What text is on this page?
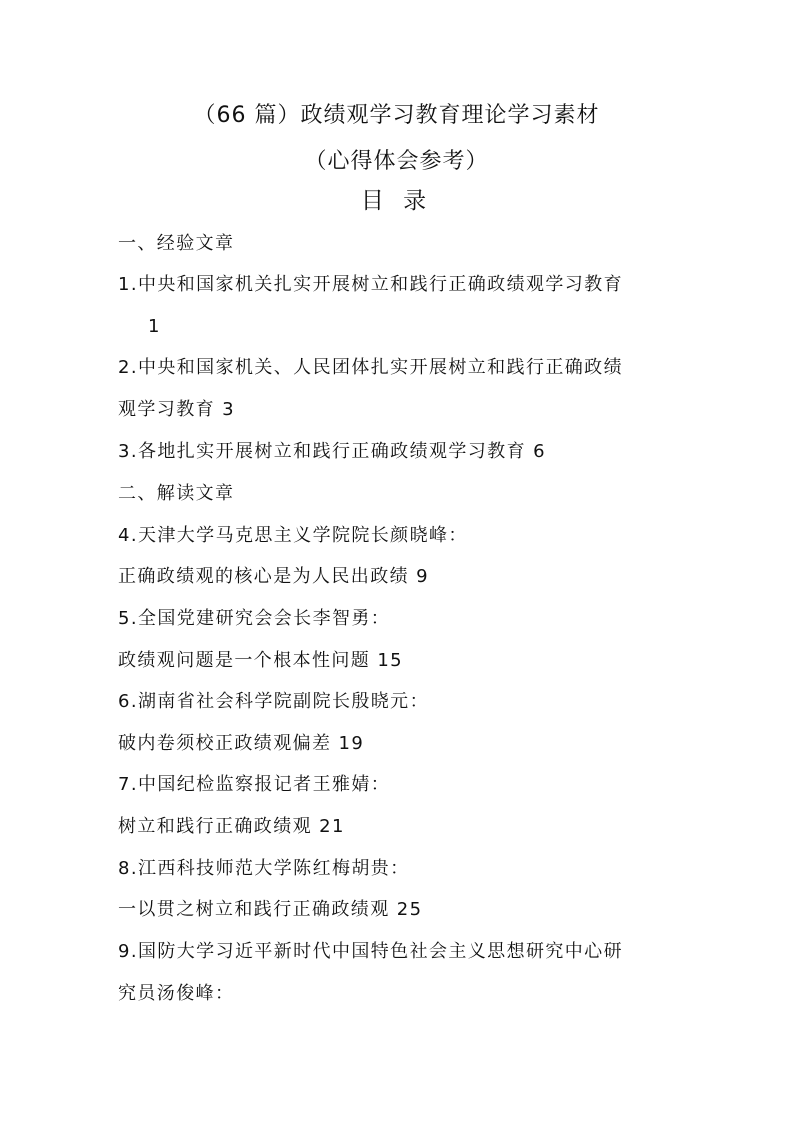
（66 篇）政绩观学习教育理论学习素材
（心得体会参考）
目 录
一、经验文章
1.中央和国家机关扎实开展树立和践行正确政绩观学习教育
1
2.中央和国家机关、人民团体扎实开展树立和践行正确政绩
观学习教育 3
3.各地扎实开展树立和践行正确政绩观学习教育 6
二、解读文章
4.天津大学马克思主义学院院长颜晓峰：
正确政绩观的核心是为人民出政绩 9
5.全国党建研究会会长李智勇：
政绩观问题是一个根本性问题 15
6.湖南省社会科学院副院长殷晓元：
破内卷须校正政绩观偏差 19
7.中国纪检监察报记者王雅婧：
树立和践行正确政绩观 21
8.江西科技师范大学陈红梅胡贵：
一以贯之树立和践行正确政绩观 25
9.国防大学习近平新时代中国特色社会主义思想研究中心研
究员汤俊峰：
